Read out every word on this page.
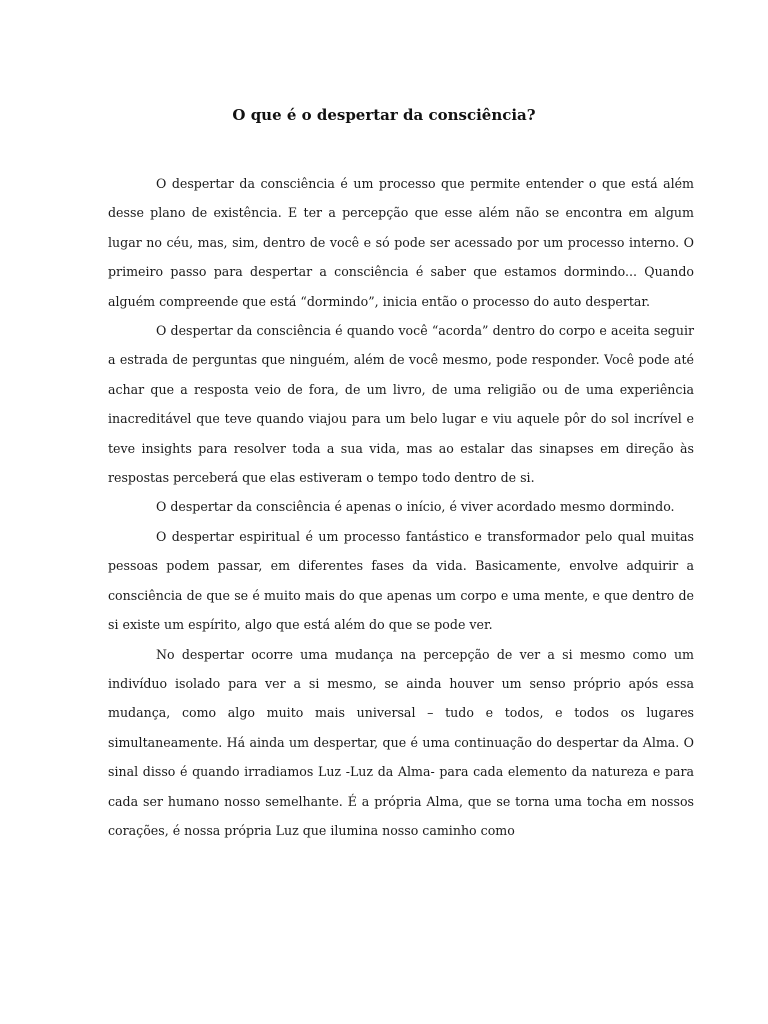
O que é o despertar da consciência?

O despertar da consciência é um processo que permite entender o que está além desse plano de existência. E ter a percepção que esse além não se encontra em algum lugar no céu, mas, sim, dentro de você e só pode ser acessado por um processo interno. O primeiro passo para despertar a consciência é saber que estamos dormindo... Quando alguém compreende que está “dormindo”, inicia então o processo do auto despertar.

O despertar da consciência é quando você “acorda” dentro do corpo e aceita seguir a estrada de perguntas que ninguém, além de você mesmo, pode responder. Você pode até achar que a resposta veio de fora, de um livro, de uma religião ou de uma experiência inacreditável que teve quando viajou para um belo lugar e viu aquele pôr do sol incrível e teve insights para resolver toda a sua vida, mas ao estalar das sinapses em direção às respostas perceberá que elas estiveram o tempo todo dentro de si.

O despertar da consciência é apenas o início, é viver acordado mesmo dormindo.

O despertar espiritual é um processo fantástico e transformador pelo qual muitas pessoas podem passar, em diferentes fases da vida. Basicamente, envolve adquirir a consciência de que se é muito mais do que apenas um corpo e uma mente, e que dentro de si existe um espírito, algo que está além do que se pode ver.

No despertar ocorre uma mudança na percepção de ver a si mesmo como um indivíduo isolado para ver a si mesmo, se ainda houver um senso próprio após essa mudança, como algo muito mais universal – tudo e todos, e todos os lugares simultaneamente. Há ainda um despertar, que é uma continuação do despertar da Alma. O sinal disso é quando irradiamos Luz -Luz da Alma- para cada elemento da natureza e para cada ser humano nosso semelhante. É a própria Alma, que se torna uma tocha em nossos corações, é nossa própria Luz que ilumina nosso caminho como
